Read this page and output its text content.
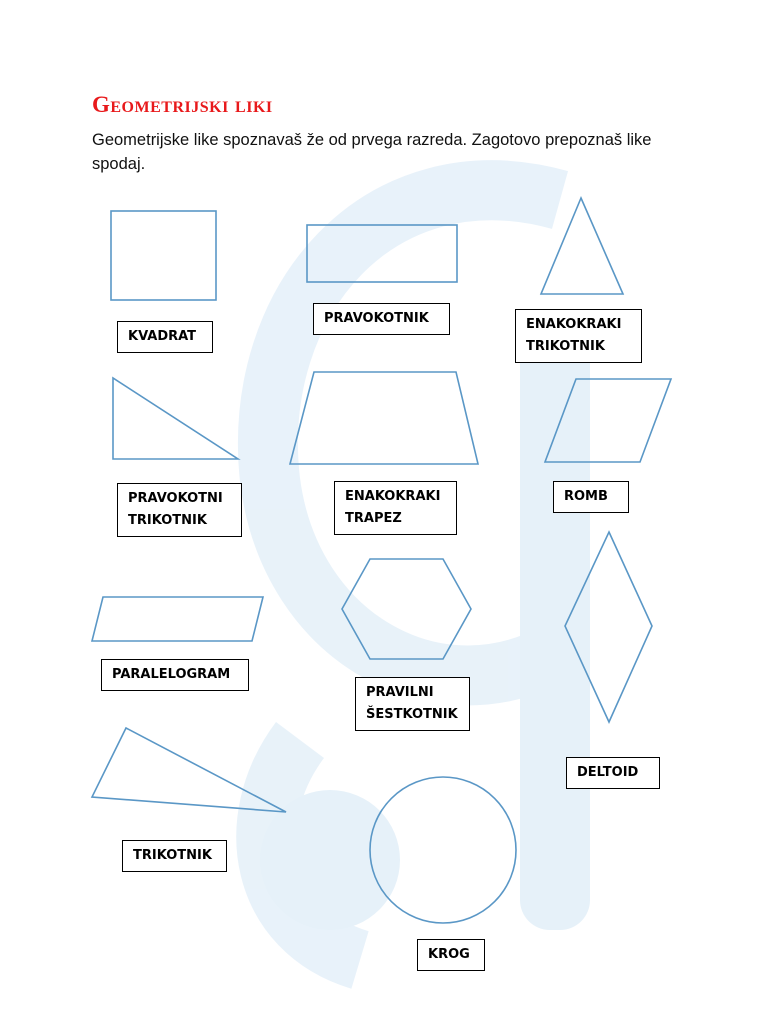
Geometrijski liki

Geometrijske like spoznavaš že od prvega razreda. Zagotovo prepoznaš like spodaj.

KVADRAT
PRAVOKOTNIK	ENAKOKRAKI
TRIKOTNIK
PRAVOKOTNI
TRIKOTNIK
ENAKOKRAKI
TRAPEZ
ROMB
PARALELOGRAM
PRAVILNI
ŠESTKOTNIK
DELTOID
TRIKOTNIK
KROG
